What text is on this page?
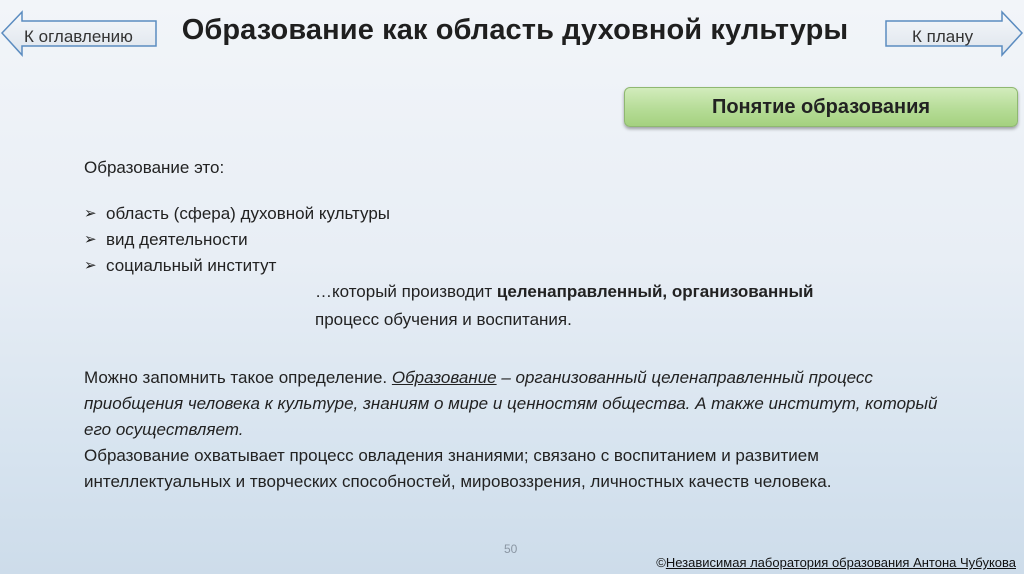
К оглавлению	Образование как область духовной культуры	К плану
Понятие образования

Образование это:

➢ область (сфера) духовной культуры
➢ вид деятельности
➢ социальный институт
…который производит целенаправленный, организованный
процесс обучения и воспитания.
Можно запомнить такое определение. Образование – организованный целенаправленный процесс приобщения человека к культуре, знаниям о мире и ценностям общества. А также институт, который его осуществляет.
Образование охватывает процесс овладения знаниями; связано с воспитанием и развитием интеллектуальных и творческих способностей, мировоззрения, личностных качеств человека.
50
©Независимая лаборатория образования Антона Чубукова
